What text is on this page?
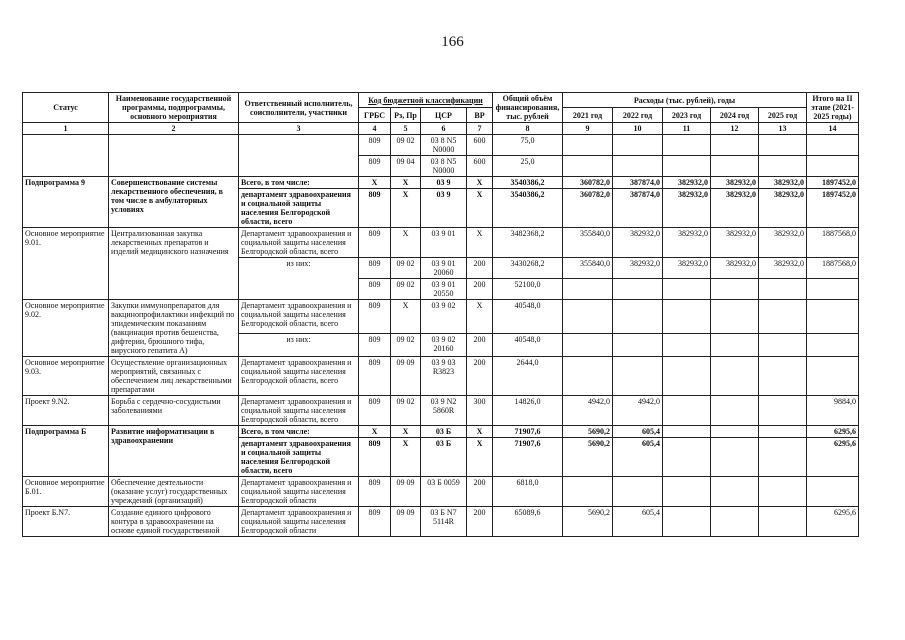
166
Статус	Наименование государственной программы, подпрограммы, основного мероприятия	Ответственный исполнитель, соисполнители, участники	Код бюджетной классификации				Общий объём финансирования, тыс. рублей	Расходы (тыс. рублей), годы					Итого на II этапе (2021-2025 годы)
			ГРБС	Рз, Пр	ЦСР	ВР		2021 год	2022 год	2023 год	2024 год	2025 год	
1	2	3	4	5	6	7	8	9	10	11	12	13	14
			809	09 02	03 8 N5 N0000	600	75,0						
			809	09 04	03 8 N5 N0000	600	25,0						
Подпрограмма 9	Совершенствование системы лекарственного обеспечения, в том числе в амбулаторных условиях	Всего, в том числе:	X	X	03 9	X	3540386,2	360782,0	387874,0	382932,0	382932,0	382932,0	1897452,0
		департамент здравоохранения и социальной защиты населения Белгородской области, всего	809	X	03 9	X	3540386,2	360782,0	387874,0	382932,0	382932,0	382932,0	1897452,0
Основное мероприятие 9.01.	Централизованная закупка лекарственных препаратов и изделий медицинского назначения	Департамент здравоохранения и социальной защиты населения Белгородской области, всего	809	X	03 9 01	X	3482368,2	355840,0	382932,0	382932,0	382932,0	382932,0	1887568,0
		из них:	809	09 02	03 9 01 20060	200	3430268,2	355840,0	382932,0	382932,0	382932,0	382932,0	1887568,0
			809	09 02	03 9 01 20550	200	52100,0						
Основное мероприятие 9.02.	Закупки иммунопрепаратов для вакцинопрофилактики инфекций по эпидемическим показаниям (вакцинация против бешенства, дифтерии, брюшного тифа, вирусного гепатита А)	Департамент здравоохранения и социальной защиты населения Белгородской области, всего	809	X	03 9 02	X	40548,0						
		из них:	809	09 02	03 9 02 20160	200	40548,0						
Основное мероприятие 9.03.	Осуществление организационных мероприятий, связанных с обеспечением лиц лекарственными препаратами	Департамент здравоохранения и социальной защиты населения Белгородской области, всего	809	09 09	03 9 03 R3823	200	2644,0						
Проект 9.N2.	Борьба с сердечно-сосудистыми заболеваниями	Департамент здравоохранения и социальной защиты населения Белгородской области, всего	809	09 02	03 9 N2 5860R	300	14826,0	4942,0	4942,0				9884,0
Подпрограмма Б	Развитие информатизации в здравоохранении	Всего, в том числе:	X	X	03 Б	X	71907,6	5690,2	605,4				6295,6
		департамент здравоохранения и социальной защиты населения Белгородской области, всего	809	X	03 Б	X	71907,6	5690,2	605,4				6295,6
Основное мероприятие Б.01.	Обеспечение деятельности (оказание услуг) государственных учреждений (организаций)	Департамент здравоохранения и социальной защиты населения Белгородской области	809	09 09	03 Б 0059	200	6818,0						
Проект Б.N7.	Создание единого цифрового контура в здравоохранении на основе единой государственной	Департамент здравоохранения и социальной защиты населения Белгородской области	809	09 09	03 Б N7 5114R	200	65089,6	5690,2	605,4				6295,6
